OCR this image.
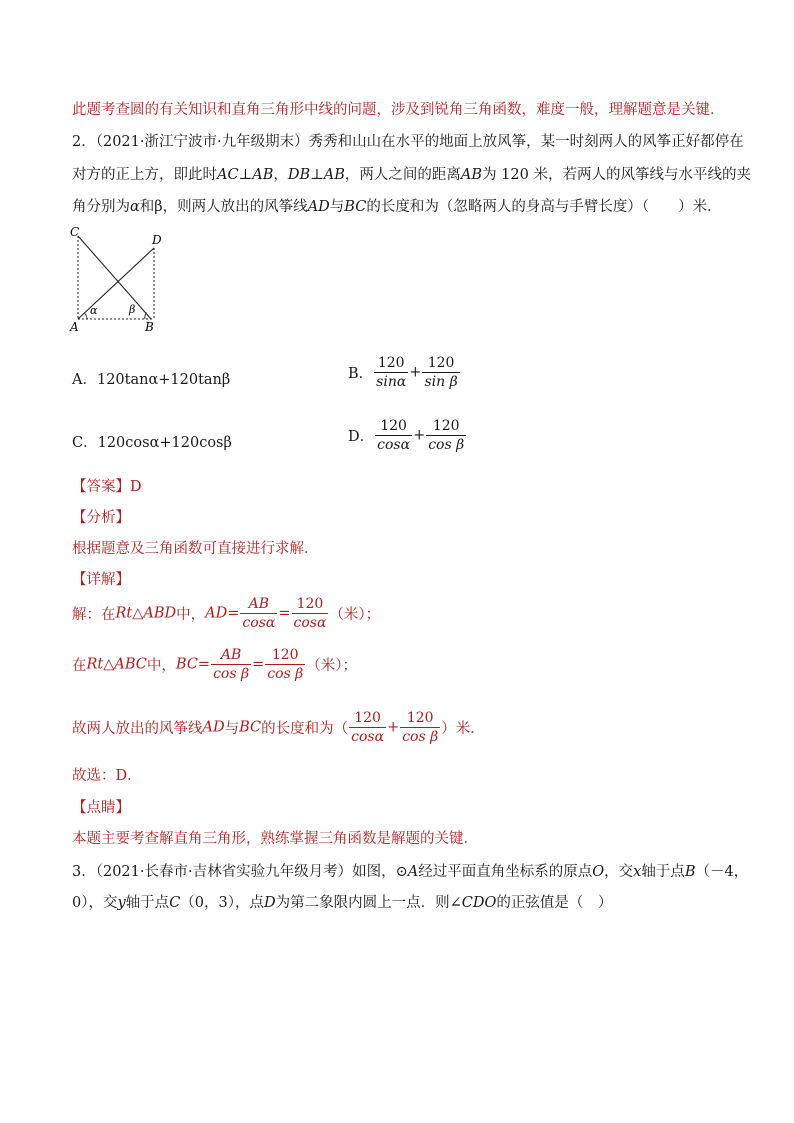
此题考查圆的有关知识和直角三角形中线的问题，涉及到锐角三角函数，难度一般，理解题意是关键．
2．（2021·浙江宁波市·九年级期末）秀秀和山山在水平的地面上放风筝，某一时刻两人的风筝正好都停在
对方的正上方，即此时AC⊥AB，DB⊥AB，两人之间的距离AB为 120 米，若两人的风筝线与水平线的夹
角分别为α和β，则两人放出的风筝线AD与BC的长度和为（忽略两人的身高与手臂长度）（　　）米．
C
D
A	B
α	β
A．120tanα+120tanβ	B． $\frac{120}{\sin\alpha} + \frac{120}{\text{sin β}}$
C．120cosα+120cosβ	D． $\frac{120}{\cos\alpha} + \frac{120}{\text{cos β}}$
【答案】D
【分析】
根据题意及三角函数可直接进行求解．
【详解】
解：在Rt△ABD中，$AD= \frac{AB}{\cos\alpha} = \frac{120}{\cos\alpha}$ （米）；
在Rt△ABC中，$BC= \frac{AB}{\text{cos β}} = \frac{120}{\text{cos β}}$ （米）；
故两人放出的风筝线AD与BC的长度和为（ $\frac{120}{\cos\alpha} + \frac{120}{\text{cos β}}$ ）米．
故选：D．
【点睛】
本题主要考查解直角三角形，熟练掌握三角函数是解题的关键．
3．（2021·长春市·吉林省实验九年级月考）如图，⊙A经过平面直角坐标系的原点O，交x轴于点B（－4，
0），交y轴于点C（0，3），点D为第二象限内圆上一点．则∠CDO的正弦值是（　）
